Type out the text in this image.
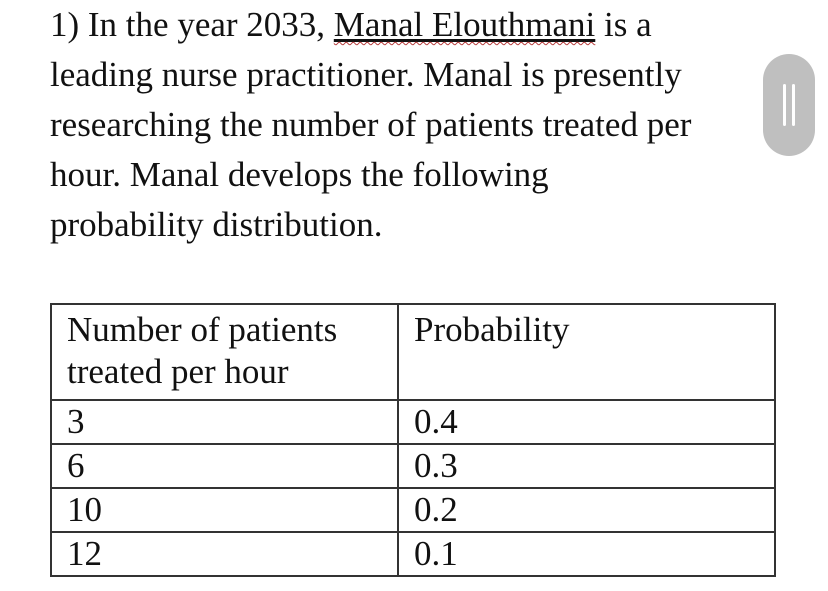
1) In the year 2033, Manal Elouthmani is a
leading nurse practitioner. Manal is presently
researching the number of patients treated per
hour. Manal develops the following
probability distribution.
Number of patients treated per hour	Probability
3	0.4
6	0.3
10	0.2
12	0.1
